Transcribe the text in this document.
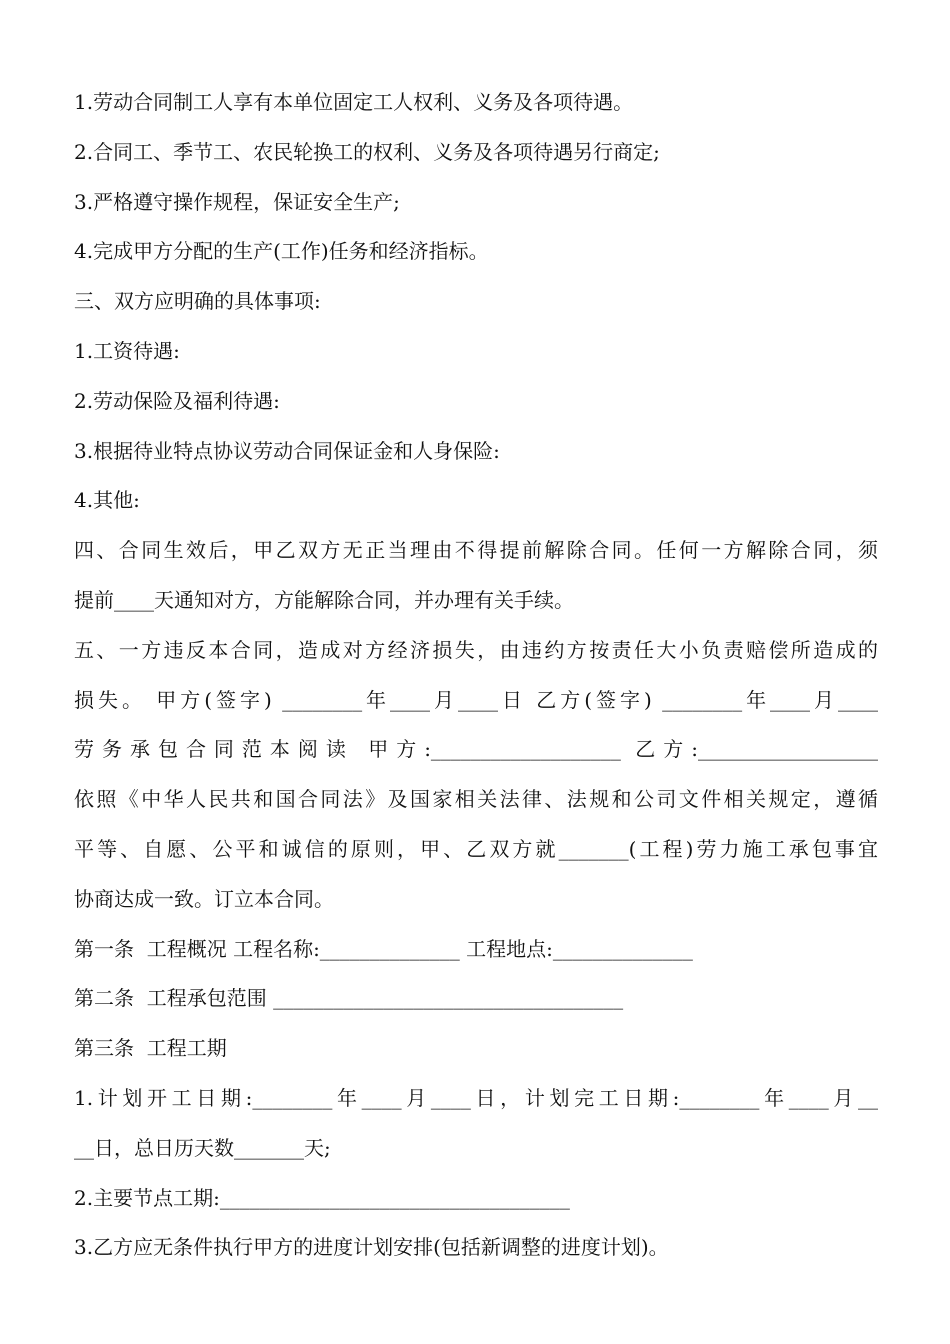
1.劳动合同制工人享有本单位固定工人权利、义务及各项待遇。
2.合同工、季节工、农民轮换工的权利、义务及各项待遇另行商定;
3.严格遵守操作规程，保证安全生产;
4.完成甲方分配的生产(工作)任务和经济指标。
三、双方应明确的具体事项:
1.工资待遇:
2.劳动保险及福利待遇:
3.根据待业特点协议劳动合同保证金和人身保险:
4.其他:
四、合同生效后，甲乙双方无正当理由不得提前解除合同。任何一方解除合同，须
提前____天通知对方，方能解除合同，并办理有关手续。
五、一方违反本合同，造成对方经济损失，由违约方按责任大小负责赔偿所造成的
损失。 甲方(签字) ________年____月____日 乙方(签字) ________年____月____
劳务承包合同范本阅读 甲方:___________________ 乙方:__________________
依照《中华人民共和国合同法》及国家相关法律、法规和公司文件相关规定，遵循
平等、自愿、公平和诚信的原则，甲、乙双方就_______(工程)劳力施工承包事宜
协商达成一致。订立本合同。
第一条  工程概况 工程名称:______________ 工程地点:______________
第二条  工程承包范围 ___________________________________
第三条  工程工期
1.计划开工日期:________年____月____日，计划完工日期:________年____月__
__日，总日历天数_______天;
2.主要节点工期:___________________________________
3.乙方应无条件执行甲方的进度计划安排(包括新调整的进度计划)。
